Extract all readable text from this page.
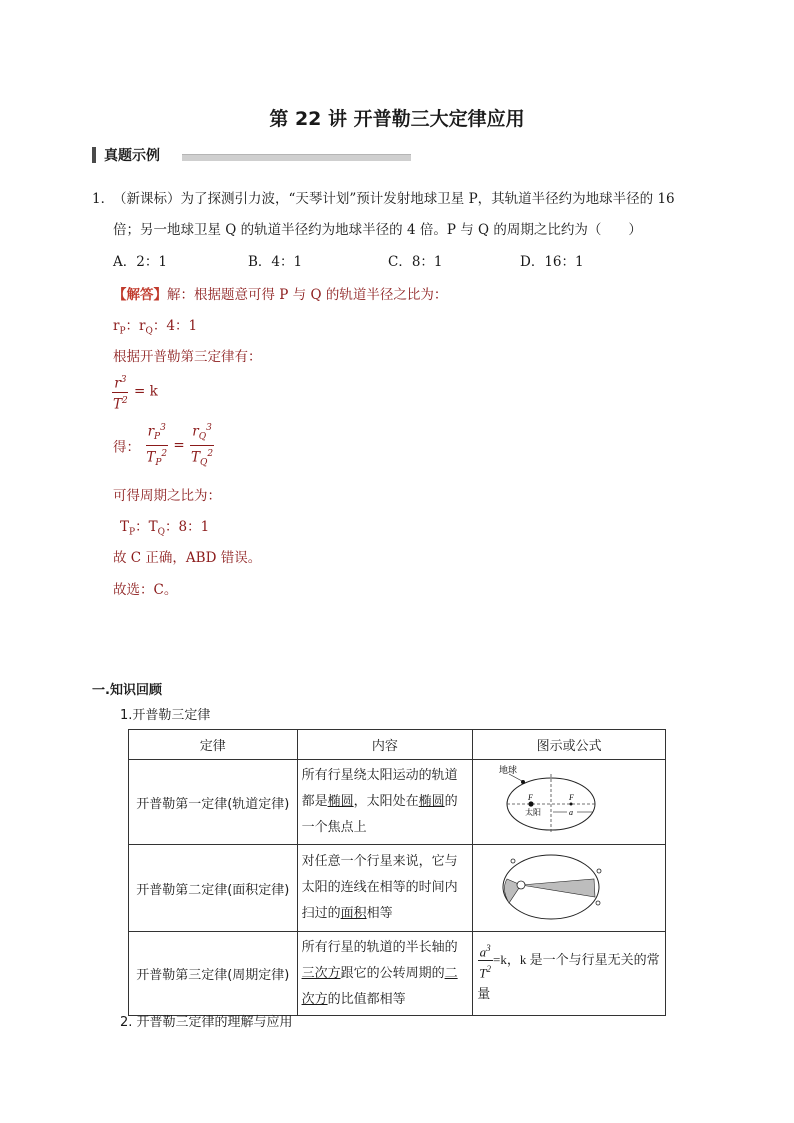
第 22 讲 开普勒三大定律应用
真题示例
1．
（新课标）为了探测引力波，“天琴计划”预计发射地球卫星 P，其轨道半径约为地球半径的 16
倍；另一地球卫星 Q 的轨道半径约为地球半径的 4 倍。P 与 Q 的周期之比约为（　　）
A．2：1	B．4：1	C．8：1	D．16：1
【解答】解：根据题意可得 P 与 Q 的轨道半径之比为：
$r_P$：$r_Q$：4：1
根据开普勒第三定律有：
$\frac{r^3}{T^2} = k$
得： $\frac{r_P^3}{T_P^2} = \frac{r_Q^3}{T_Q^2}$
可得周期之比为：
$T_P$：$T_Q$：8：1
故 C 正确，ABD 错误。
故选：C。
一.知识回顾
1.开普勒三定律
定律	内容	图示或公式
开普勒第一定律(轨道定律)	所有行星绕太阳运动的轨道都是椭圆，太阳处在椭圆的一个焦点上	地球
F F
太阳 a

开普勒第二定律(面积定律)	对任意一个行星来说，它与太阳的连线在相等的时间内扫过的面积相等	
开普勒第三定律(周期定律)	所有行星的轨道的半长轴的三次方跟它的公转周期的二次方的比值都相等	$\frac{a^3}{T^2} =k$，k 是一个与行星无关的常量
2. 开普勒三定律的理解与应用
